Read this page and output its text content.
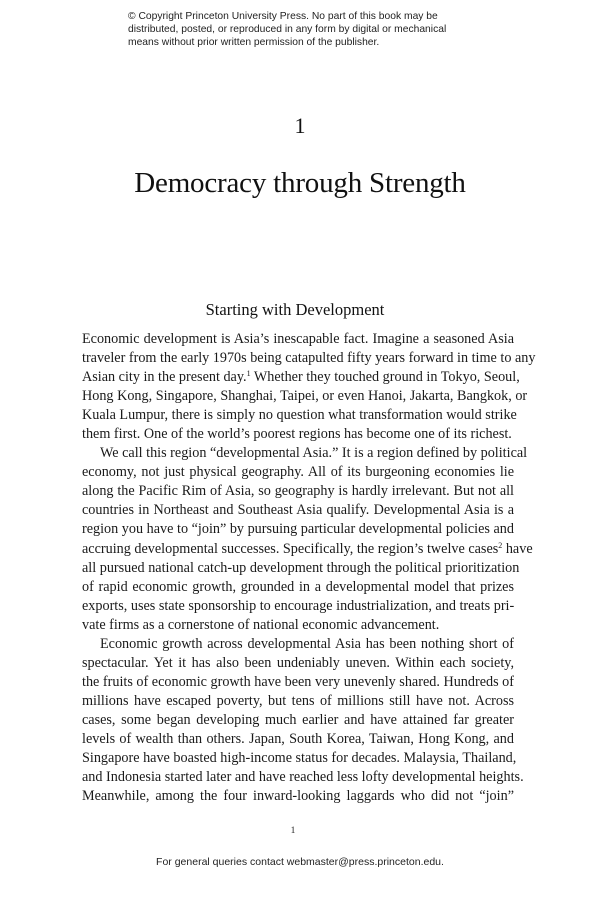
© Copyright Princeton University Press. No part of this book may be
distributed, posted, or reproduced in any form by digital or mechanical
means without prior written permission of the publisher.
1
Democracy through Strength
Starting with Development
Economic development is Asia’s inescapable fact. Imagine a seasoned Asia
traveler from the early 1970s being catapulted fifty years forward in time to any
Asian city in the present day.$^1$ Whether they touched ground in Tokyo, Seoul,
Hong Kong, Singapore, Shanghai, Taipei, or even Hanoi, Jakarta, Bangkok, or
Kuala Lumpur, there is simply no question what transformation would strike
them first. One of the world’s poorest regions has become one of its richest.
We call this region “developmental Asia.” It is a region defined by political
economy, not just physical geography. All of its burgeoning economies lie
along the Pacific Rim of Asia, so geography is hardly irrelevant. But not all
countries in Northeast and Southeast Asia qualify. Developmental Asia is a
region you have to “join” by pursuing particular developmental policies and
accruing developmental successes. Specifically, the region’s twelve cases$^2$ have
all pursued national catch-up development through the political prioritization
of rapid economic growth, grounded in a developmental model that prizes
exports, uses state sponsorship to encourage industrialization, and treats pri-
vate firms as a cornerstone of national economic advancement.
Economic growth across developmental Asia has been nothing short of
spectacular. Yet it has also been undeniably uneven. Within each society,
the fruits of economic growth have been very unevenly shared. Hundreds of
millions have escaped poverty, but tens of millions still have not. Across
cases, some began developing much earlier and have attained far greater
levels of wealth than others. Japan, South Korea, Taiwan, Hong Kong, and
Singapore have boasted high-income status for decades. Malaysia, Thailand,
and Indonesia started later and have reached less lofty developmental heights.
Meanwhile, among the four inward-looking laggards who did not “join”
1
For general queries contact webmaster@press.princeton.edu.
